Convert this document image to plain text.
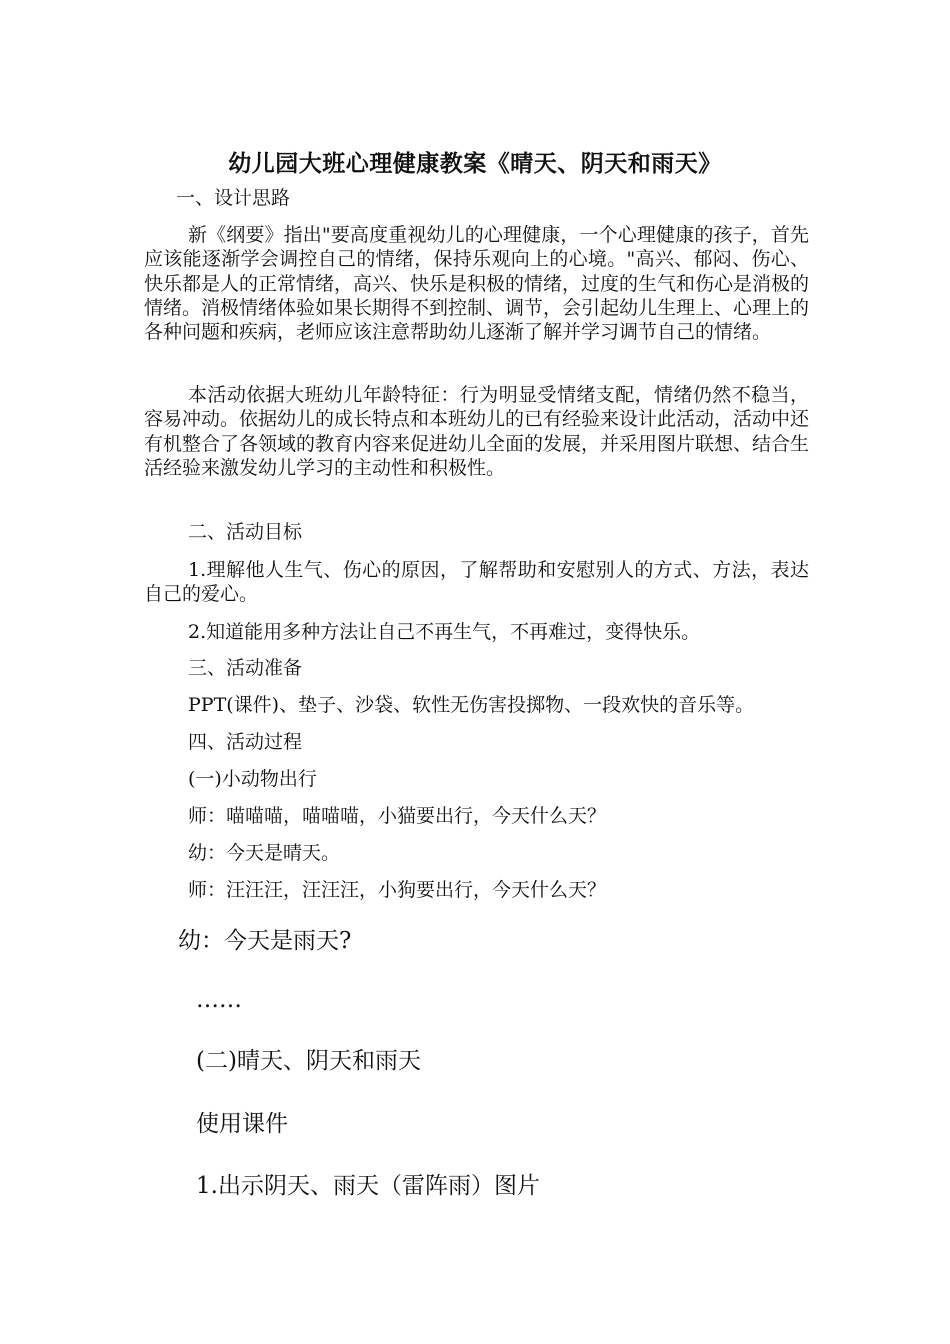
幼儿园大班心理健康教案《晴天、阴天和雨天》

一、设计思路

新《纲要》指出"要高度重视幼儿的心理健康，一个心理健康的孩子，首先应该能逐渐学会调控自己的情绪，保持乐观向上的心境。"高兴、郁闷、伤心、快乐都是人的正常情绪，高兴、快乐是积极的情绪，过度的生气和伤心是消极的情绪。消极情绪体验如果长期得不到控制、调节，会引起幼儿生理上、心理上的各种问题和疾病，老师应该注意帮助幼儿逐渐了解并学习调节自己的情绪。

本活动依据大班幼儿年龄特征：行为明显受情绪支配，情绪仍然不稳当，容易冲动。依据幼儿的成长特点和本班幼儿的已有经验来设计此活动，活动中还有机整合了各领域的教育内容来促进幼儿全面的发展，并采用图片联想、结合生活经验来激发幼儿学习的主动性和积极性。

二、活动目标

1.理解他人生气、伤心的原因，了解帮助和安慰别人的方式、方法，表达自己的爱心。

2.知道能用多种方法让自己不再生气，不再难过，变得快乐。

三、活动准备

PPT(课件)、垫子、沙袋、软性无伤害投掷物、一段欢快的音乐等。

四、活动过程

(一)小动物出行

师：喵喵喵，喵喵喵，小猫要出行，今天什么天？

幼：今天是晴天。

师：汪汪汪，汪汪汪，小狗要出行，今天什么天？

幼：今天是雨天?

……

(二)晴天、阴天和雨天

使用课件

1.出示阴天、雨天（雷阵雨）图片
